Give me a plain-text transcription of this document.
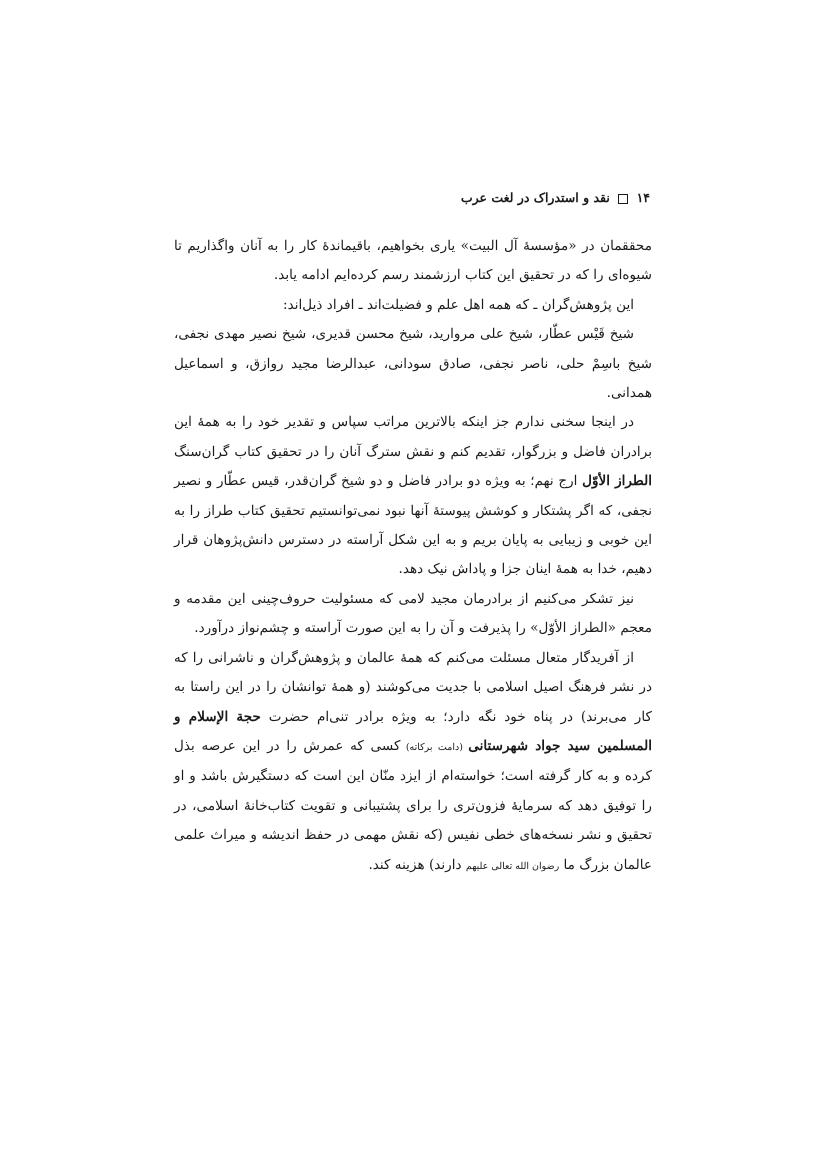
۱۴  نقد و استدراک در لغت عرب

محققمان در «مؤسسهٔ آل البیت» یاری بخواهیم، باقیماندهٔ کار را به آنان واگذاریم تا شیوه‌ای را که در تحقیق این کتاب ارزشمند رسم کرده‌ایم ادامه یابد.

این پژوهش‌گران ـ که همه اهل علم و فضیلت‌اند ـ افراد ذیل‌اند:

شیخ قَیْس عطّار، شیخ علی مروارید، شیخ محسن قدیری، شیخ نصیر مهدی نجفی، شیخ باسِمْ حلی، ناصر نجفی، صادق سودانی، عبدالرضا مجید روازق، و اسماعیل همدانی.

در اینجا سخنی ندارم جز اینکه بالاترین مراتب سپاس و تقدیر خود را به همهٔ این برادران فاضل و بزرگوار، تقدیم کنم و نقش سترگ آنان را در تحقیق کتاب گران‌سنگ الطراز الأوّل ارج نهم؛ به ویژه دو برادر فاضل و دو شیخ گران‌قدر، قیس عطّار و نصیر نجفی، که اگر پشتکار و کوشش پیوستهٔ آنها نبود نمی‌توانستیم تحقیق کتاب طراز را به این خوبی و زیبایی به پایان بریم و به این شکل آراسته در دسترس دانش‌پژوهان قرار دهیم، خدا به همهٔ اینان جزا و پاداش نیک دهد.

نیز تشکر می‌کنیم از برادرمان مجید لامی که مسئولیت حروف‌چینی این مقدمه و معجم «الطراز الأوّل» را پذیرفت و آن را به این صورت آراسته و چشم‌نواز درآورد.

از آفریدگار متعال مسئلت می‌کنم که همهٔ عالمان و پژوهش‌گران و ناشرانی را که در نشر فرهنگ اصیل اسلامی با جدیت می‌کوشند (و همهٔ توانشان را در این راستا به کار می‌برند) در پناه خود نگه دارد؛ به ویژه برادر تنی‌ام حضرت حجة الإسلام و المسلمین سید جواد شهرستانی (دامت برکاته) کسی که عمرش را در این عرصه بذل کرده و به کار گرفته است؛ خواسته‌ام از ایزد منّان این است که دستگیرش باشد و او را توفیق دهد که سرمایهٔ فزون‌تری را برای پشتیبانی و تقویت کتاب‌خانهٔ اسلامی، در تحقیق و نشر نسخه‌های خطی نفیس (که نقش مهمی در حفظ اندیشه و میراث علمی عالمان بزرگ ما رضوان الله تعالی علیهم دارند) هزینه کند.
